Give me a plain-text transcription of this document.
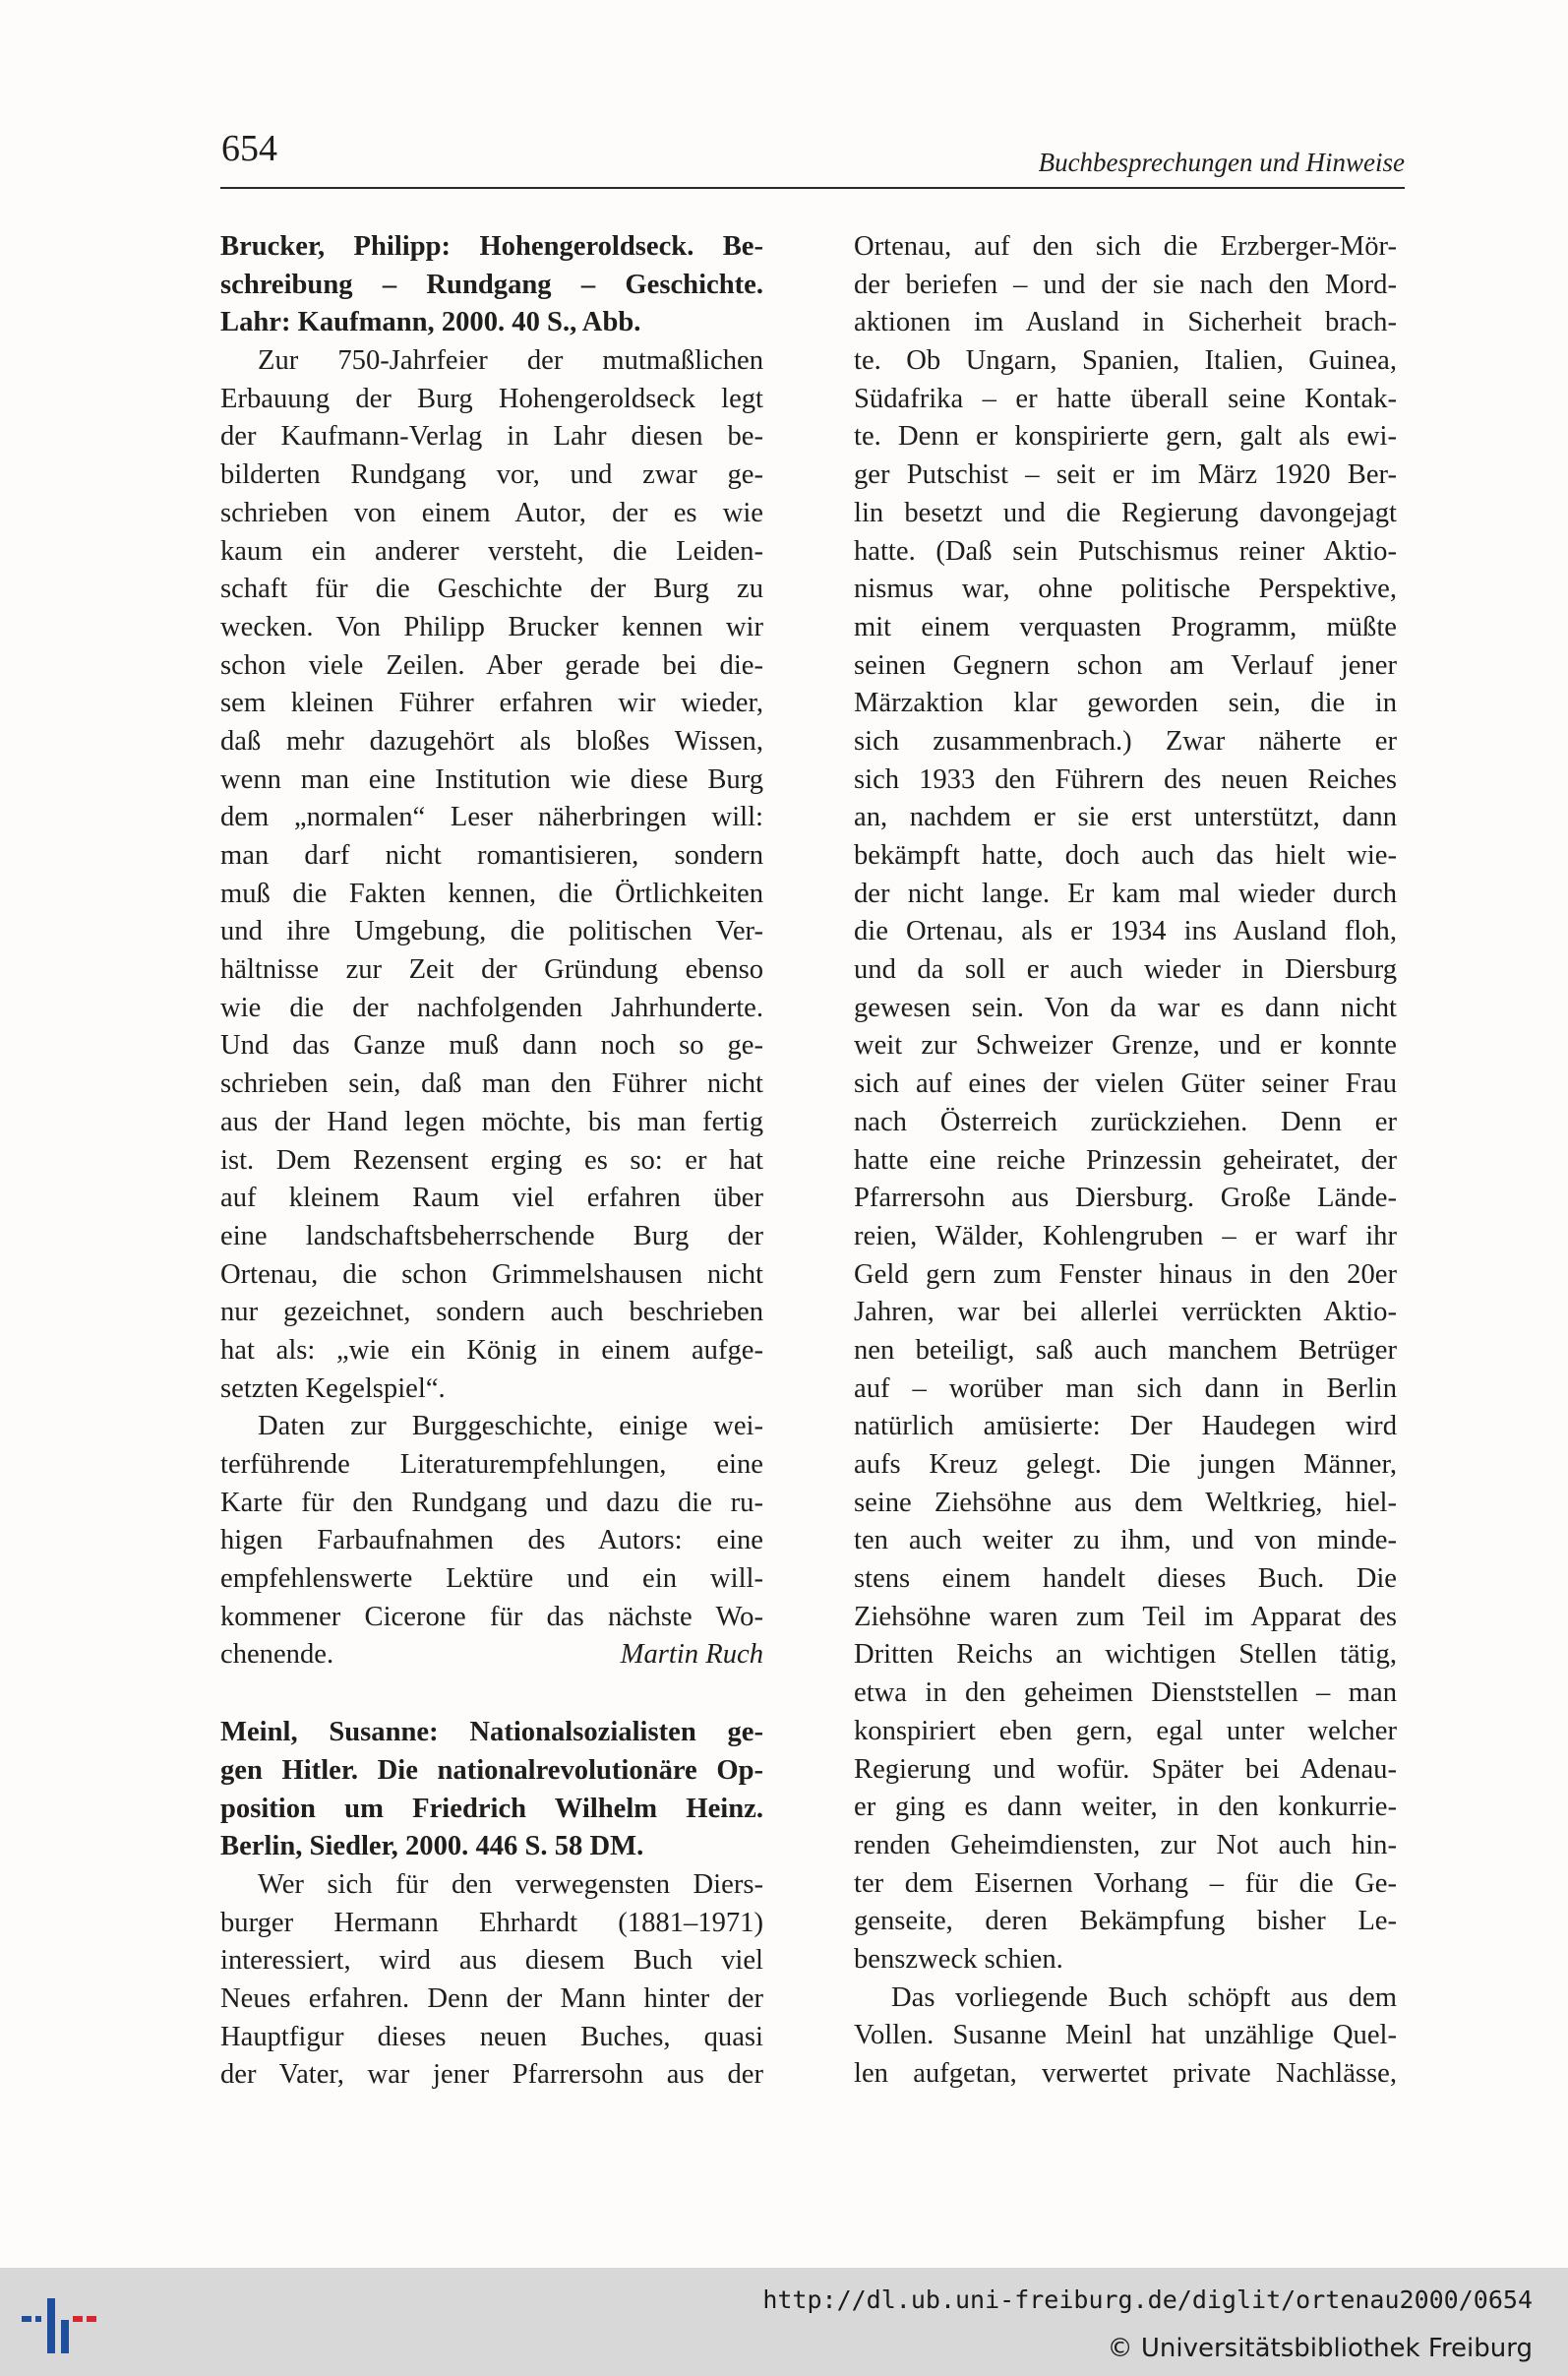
654	Buchbesprechungen und Hinweise
Brucker, Philipp: Hohengeroldseck. Be-
schreibung – Rundgang – Geschichte.
Lahr: Kaufmann, 2000. 40 S., Abb.
Zur 750-Jahrfeier der mutmaßlichen
Erbauung der Burg Hohengeroldseck legt
der Kaufmann-Verlag in Lahr diesen be-
bilderten Rundgang vor, und zwar ge-
schrieben von einem Autor, der es wie
kaum ein anderer versteht, die Leiden-
schaft für die Geschichte der Burg zu
wecken. Von Philipp Brucker kennen wir
schon viele Zeilen. Aber gerade bei die-
sem kleinen Führer erfahren wir wieder,
daß mehr dazugehört als bloßes Wissen,
wenn man eine Institution wie diese Burg
dem „normalen“ Leser näherbringen will:
man darf nicht romantisieren, sondern
muß die Fakten kennen, die Örtlichkeiten
und ihre Umgebung, die politischen Ver-
hältnisse zur Zeit der Gründung ebenso
wie die der nachfolgenden Jahrhunderte.
Und das Ganze muß dann noch so ge-
schrieben sein, daß man den Führer nicht
aus der Hand legen möchte, bis man fertig
ist. Dem Rezensent erging es so: er hat
auf kleinem Raum viel erfahren über
eine landschaftsbeherrschende Burg der
Ortenau, die schon Grimmelshausen nicht
nur gezeichnet, sondern auch beschrieben
hat als: „wie ein König in einem aufge-
setzten Kegelspiel“.
Daten zur Burggeschichte, einige wei-
terführende Literaturempfehlungen, eine
Karte für den Rundgang und dazu die ru-
higen Farbaufnahmen des Autors: eine
empfehlenswerte Lektüre und ein will-
kommener Cicerone für das nächste Wo-
chenende.	Martin Ruch
Meinl, Susanne: Nationalsozialisten ge-
gen Hitler. Die nationalrevolutionäre Op-
position um Friedrich Wilhelm Heinz.
Berlin, Siedler, 2000. 446 S. 58 DM.
Wer sich für den verwegensten Diers-
burger Hermann Ehrhardt (1881–1971)
interessiert, wird aus diesem Buch viel
Neues erfahren. Denn der Mann hinter der
Hauptfigur dieses neuen Buches, quasi
der Vater, war jener Pfarrersohn aus der
Ortenau, auf den sich die Erzberger-Mör-
der beriefen – und der sie nach den Mord-
aktionen im Ausland in Sicherheit brach-
te. Ob Ungarn, Spanien, Italien, Guinea,
Südafrika – er hatte überall seine Kontak-
te. Denn er konspirierte gern, galt als ewi-
ger Putschist – seit er im März 1920 Ber-
lin besetzt und die Regierung davongejagt
hatte. (Daß sein Putschismus reiner Aktio-
nismus war, ohne politische Perspektive,
mit einem verquasten Programm, müßte
seinen Gegnern schon am Verlauf jener
Märzaktion klar geworden sein, die in
sich zusammenbrach.) Zwar näherte er
sich 1933 den Führern des neuen Reiches
an, nachdem er sie erst unterstützt, dann
bekämpft hatte, doch auch das hielt wie-
der nicht lange. Er kam mal wieder durch
die Ortenau, als er 1934 ins Ausland floh,
und da soll er auch wieder in Diersburg
gewesen sein. Von da war es dann nicht
weit zur Schweizer Grenze, und er konnte
sich auf eines der vielen Güter seiner Frau
nach Österreich zurückziehen. Denn er
hatte eine reiche Prinzessin geheiratet, der
Pfarrersohn aus Diersburg. Große Lände-
reien, Wälder, Kohlengruben – er warf ihr
Geld gern zum Fenster hinaus in den 20er
Jahren, war bei allerlei verrückten Aktio-
nen beteiligt, saß auch manchem Betrüger
auf – worüber man sich dann in Berlin
natürlich amüsierte: Der Haudegen wird
aufs Kreuz gelegt. Die jungen Männer,
seine Ziehsöhne aus dem Weltkrieg, hiel-
ten auch weiter zu ihm, und von minde-
stens einem handelt dieses Buch. Die
Ziehsöhne waren zum Teil im Apparat des
Dritten Reichs an wichtigen Stellen tätig,
etwa in den geheimen Dienststellen – man
konspiriert eben gern, egal unter welcher
Regierung und wofür. Später bei Adenau-
er ging es dann weiter, in den konkurrie-
renden Geheimdiensten, zur Not auch hin-
ter dem Eisernen Vorhang – für die Ge-
genseite, deren Bekämpfung bisher Le-
benszweck schien.
Das vorliegende Buch schöpft aus dem
Vollen. Susanne Meinl hat unzählige Quel-
len aufgetan, verwertet private Nachlässe,
http://dl.ub.uni-freiburg.de/diglit/ortenau2000/0654
© Universitätsbibliothek Freiburg
